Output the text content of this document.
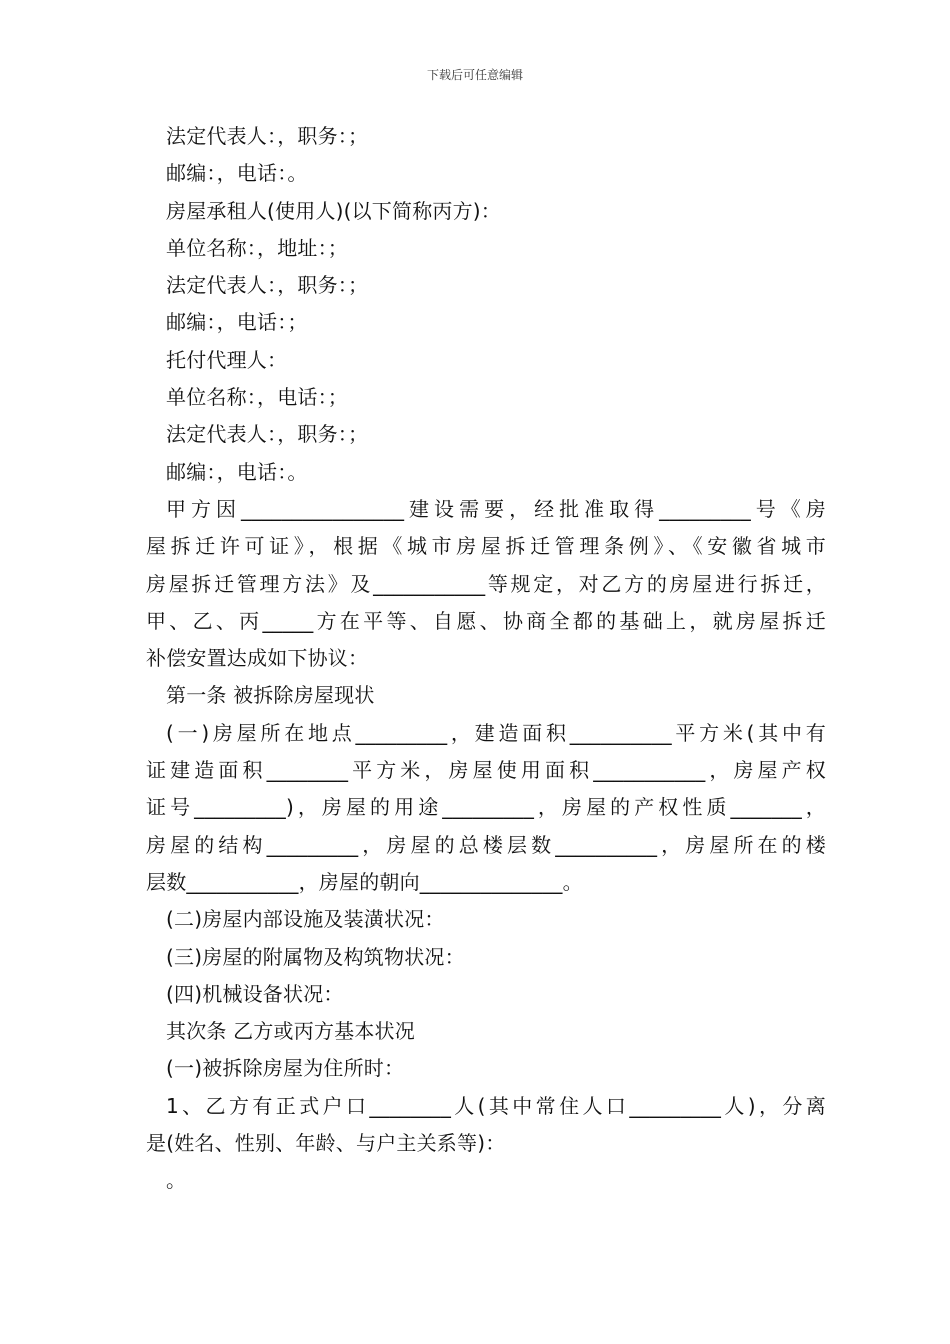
下载后可任意编辑
法定代表人：，职务：；
邮编：，电话：。
房屋承租人(使用人)(以下简称丙方)：
单位名称：，地址：；
法定代表人：，职务：；
邮编：，电话：；
托付代理人：
单位名称：，电话：；
法定代表人：，职务：；
邮编：，电话：。
甲方因________________建设需要，经批准取得_________号《房
屋拆迁许可证》，根据《城市房屋拆迁管理条例》、《安徽省城市
房屋拆迁管理方法》及___________等规定，对乙方的房屋进行拆迁，
甲、乙、丙_____方在平等、自愿、协商全都的基础上，就房屋拆迁
补偿安置达成如下协议：
第一条 被拆除房屋现状
(一)房屋所在地点_________，建造面积__________平方米(其中有
证建造面积________平方米，房屋使用面积___________，房屋产权
证号_________)，房屋的用途_________，房屋的产权性质_______，
房屋的结构_________，房屋的总楼层数__________，房屋所在的楼
层数___________，房屋的朝向______________。
(二)房屋内部设施及装潢状况：
(三)房屋的附属物及构筑物状况：
(四)机械设备状况：
其次条 乙方或丙方基本状况
(一)被拆除房屋为住所时：
1、乙方有正式户口________人(其中常住人口_________人)，分离
是(姓名、性别、年龄、与户主关系等)：
。
